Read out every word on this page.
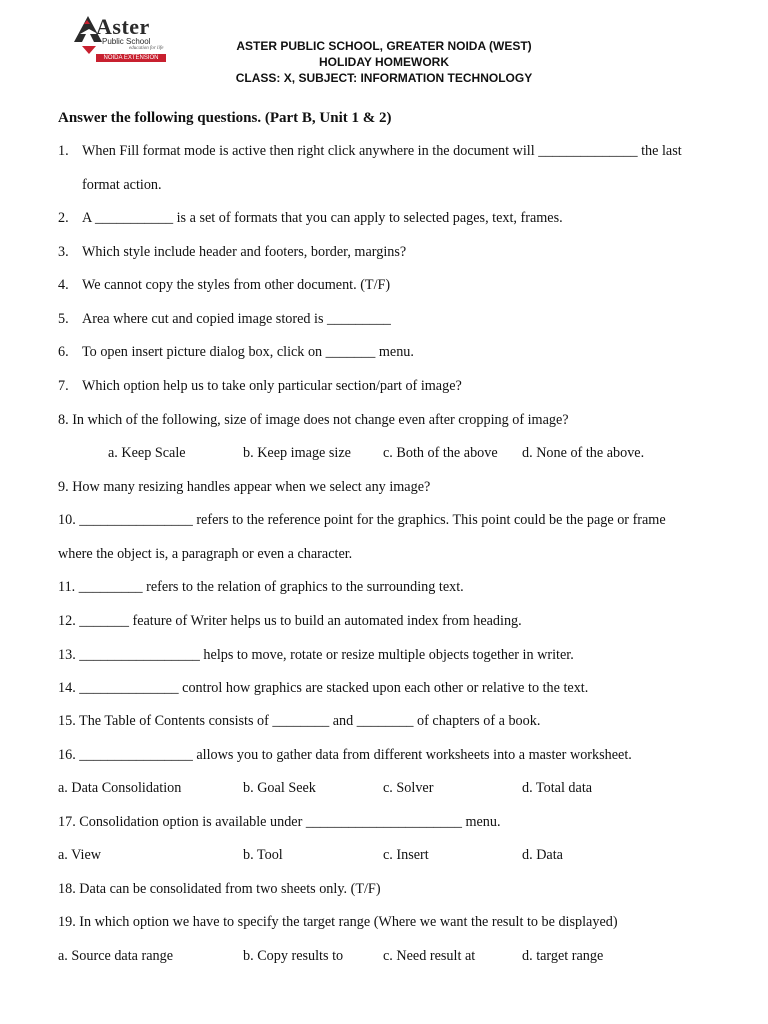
Aster
Public School
education for life
NOIDA EXTENSION
ASTER PUBLIC SCHOOL, GREATER NOIDA (WEST)
HOLIDAY HOMEWORK
CLASS: X, SUBJECT: INFORMATION TECHNOLOGY
Answer the following questions. (Part B, Unit 1 & 2)
1. When Fill format mode is active then right click anywhere in the document will ______________ the last
format action.
2. A ___________ is a set of formats that you can apply to selected pages, text, frames.
3. Which style include header and footers, border, margins?
4. We cannot copy the styles from other document. (T/F)
5. Area where cut and copied image stored is _________
6. To open insert picture dialog box, click on _______ menu.
7. Which option help us to take only particular section/part of image?
8. In which of the following, size of image does not change even after cropping of image?
a. Keep Scale	b. Keep image size c. Both of the above d. None of the above.
9. How many resizing handles appear when we select any image?
10. ________________ refers to the reference point for the graphics. This point could be the page or frame
where the object is, a paragraph or even a character.
11. _________ refers to the relation of graphics to the surrounding text.
12. _______ feature of Writer helps us to build an automated index from heading.
13. _________________ helps to move, rotate or resize multiple objects together in writer.
14. ______________ control how graphics are stacked upon each other or relative to the text.
15. The Table of Contents consists of ________ and ________ of chapters of a book.
16. ________________ allows you to gather data from different worksheets into a master worksheet.
a. Data Consolidation	b. Goal Seek	c. Solver	d. Total data
17. Consolidation option is available under ______________________ menu.
a. View	b. Tool	c. Insert	d. Data
18. Data can be consolidated from two sheets only. (T/F)
19. In which option we have to specify the target range (Where we want the result to be displayed)
a. Source data range	b. Copy results to	c. Need result at	d. target range
